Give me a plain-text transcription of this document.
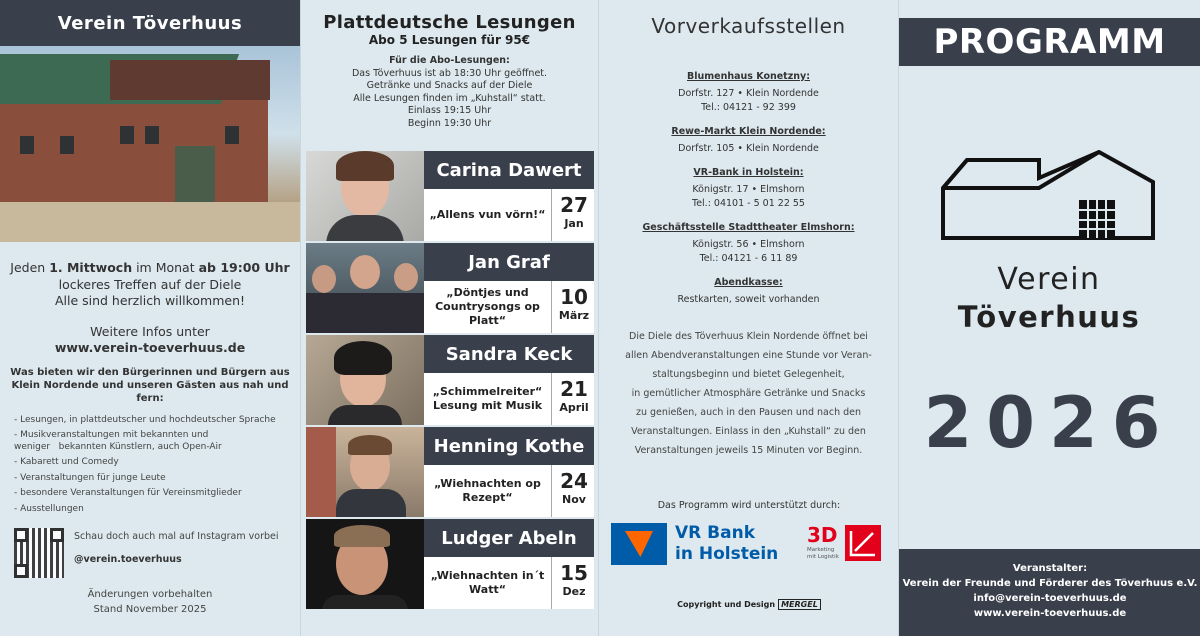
Verein Töverhuus
Jeden 1. Mittwoch im Monat ab 19:00 Uhr
lockeres Treffen auf der Diele
Alle sind herzlich willkommen!
Weitere Infos unter
www.verein-toeverhuus.de
Was bieten wir den Bürgerinnen und Bürgern aus Klein Nordende und unseren Gästen aus nah und fern:
- Lesungen, in plattdeutscher und hochdeutscher Sprache
- Musikveranstaltungen mit bekannten und weniger   bekannten Künstlern, auch Open-Air
- Kabarett und Comedy
- Veranstaltungen für junge Leute
- besondere Veranstaltungen für Vereinsmitglieder
- Ausstellungen
Schau doch auch mal auf Instagram vorbei
@verein.toeverhuus
Änderungen vorbehalten
Stand November 2025
Plattdeutsche Lesungen
Abo 5 Lesungen für 95€
Für die Abo-Lesungen:
Das Töverhuus ist ab 18:30 Uhr geöffnet.
Getränke und Snacks auf der Diele
Alle Lesungen finden im „Kuhstall“ statt.
Einlass 19:15 Uhr
Beginn 19:30 Uhr
Carina Dawert
„Allens vun vörn!“ 27
Jan
Jan Graf
„Döntjes und Countrysongs op Platt“
10
März
Sandra Keck
„Schimmelreiter“ Lesung mit Musik
21
April
Henning Kothe
„Wiehnachten op Rezept“
24
Nov
Ludger Abeln
„Wiehnachten in´t Watt“
15
Dez
Vorverkaufsstellen
Blumenhaus Konetzny:
Dorfstr. 127 • Klein Nordende
Tel.: 04121 - 92 399
Rewe-Markt Klein Nordende:
Dorfstr. 105 • Klein Nordende
VR-Bank in Holstein:
Königstr. 17 • Elmshorn
Tel.: 04101 - 5 01 22 55
Geschäftsstelle Stadttheater Elmshorn:
Königstr. 56 • Elmshorn
Tel.: 04121 - 6 11 89
Abendkasse:
Restkarten, soweit vorhanden
Die Diele des Töverhuus Klein Nordende öffnet bei
allen Abendveranstaltungen eine Stunde vor Veran-
staltungsbeginn und bietet Gelegenheit,
in gemütlicher Atmosphäre Getränke und Snacks
zu genießen, auch in den Pausen und nach den
Veranstaltungen. Einlass in den „Kuhstall“ zu den
Veranstaltungen jeweils 15 Minuten vor Beginn.
Das Programm wird unterstützt durch:
VR Bank
in Holstein
3D
Marketing
mit Logistik
Copyright und Design MERGEL
PROGRAMM
Verein
Töverhuus
2026
Veranstalter:
Verein der Freunde und Förderer des Töverhuus e.V.
info@verein-toeverhuus.de
www.verein-toeverhuus.de
